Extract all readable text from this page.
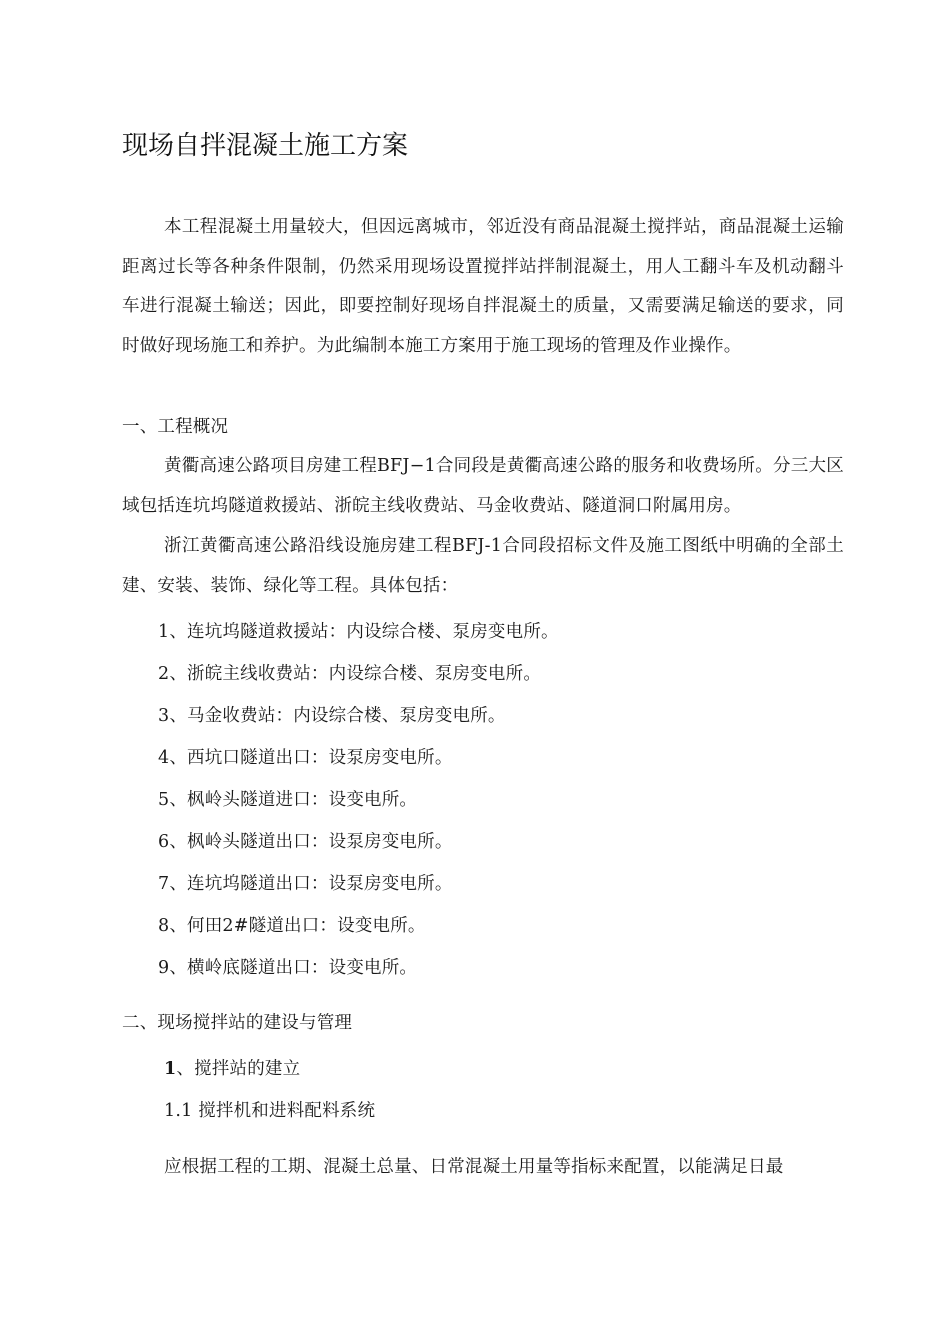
现场自拌混凝土施工方案
本工程混凝土用量较大，但因远离城市，邻近没有商品混凝土搅拌站，商品混凝土运输距离过长等各种条件限制，仍然采用现场设置搅拌站拌制混凝土，用人工翻斗车及机动翻斗车进行混凝土输送；因此，即要控制好现场自拌混凝土的质量，又需要满足输送的要求，同时做好现场施工和养护。为此编制本施工方案用于施工现场的管理及作业操作。
一、工程概况
黄衢高速公路项目房建工程BFJ−1合同段是黄衢高速公路的服务和收费场所。分三大区域包括连坑坞隧道救援站、浙皖主线收费站、马金收费站、隧道洞口附属用房。
浙江黄衢高速公路沿线设施房建工程BFJ-1合同段招标文件及施工图纸中明确的全部土建、安装、装饰、绿化等工程。具体包括：
1、连坑坞隧道救援站：内设综合楼、泵房变电所。
2、浙皖主线收费站：内设综合楼、泵房变电所。
3、马金收费站：内设综合楼、泵房变电所。
4、西坑口隧道出口：设泵房变电所。
5、枫岭头隧道进口：设变电所。
6、枫岭头隧道出口：设泵房变电所。
7、连坑坞隧道出口：设泵房变电所。
8、何田2#隧道出口：设变电所。
9、横岭底隧道出口：设变电所。
二、现场搅拌站的建设与管理
1、搅拌站的建立
1.1 搅拌机和进料配料系统
应根据工程的工期、混凝土总量、日常混凝土用量等指标来配置，以能满足日最
